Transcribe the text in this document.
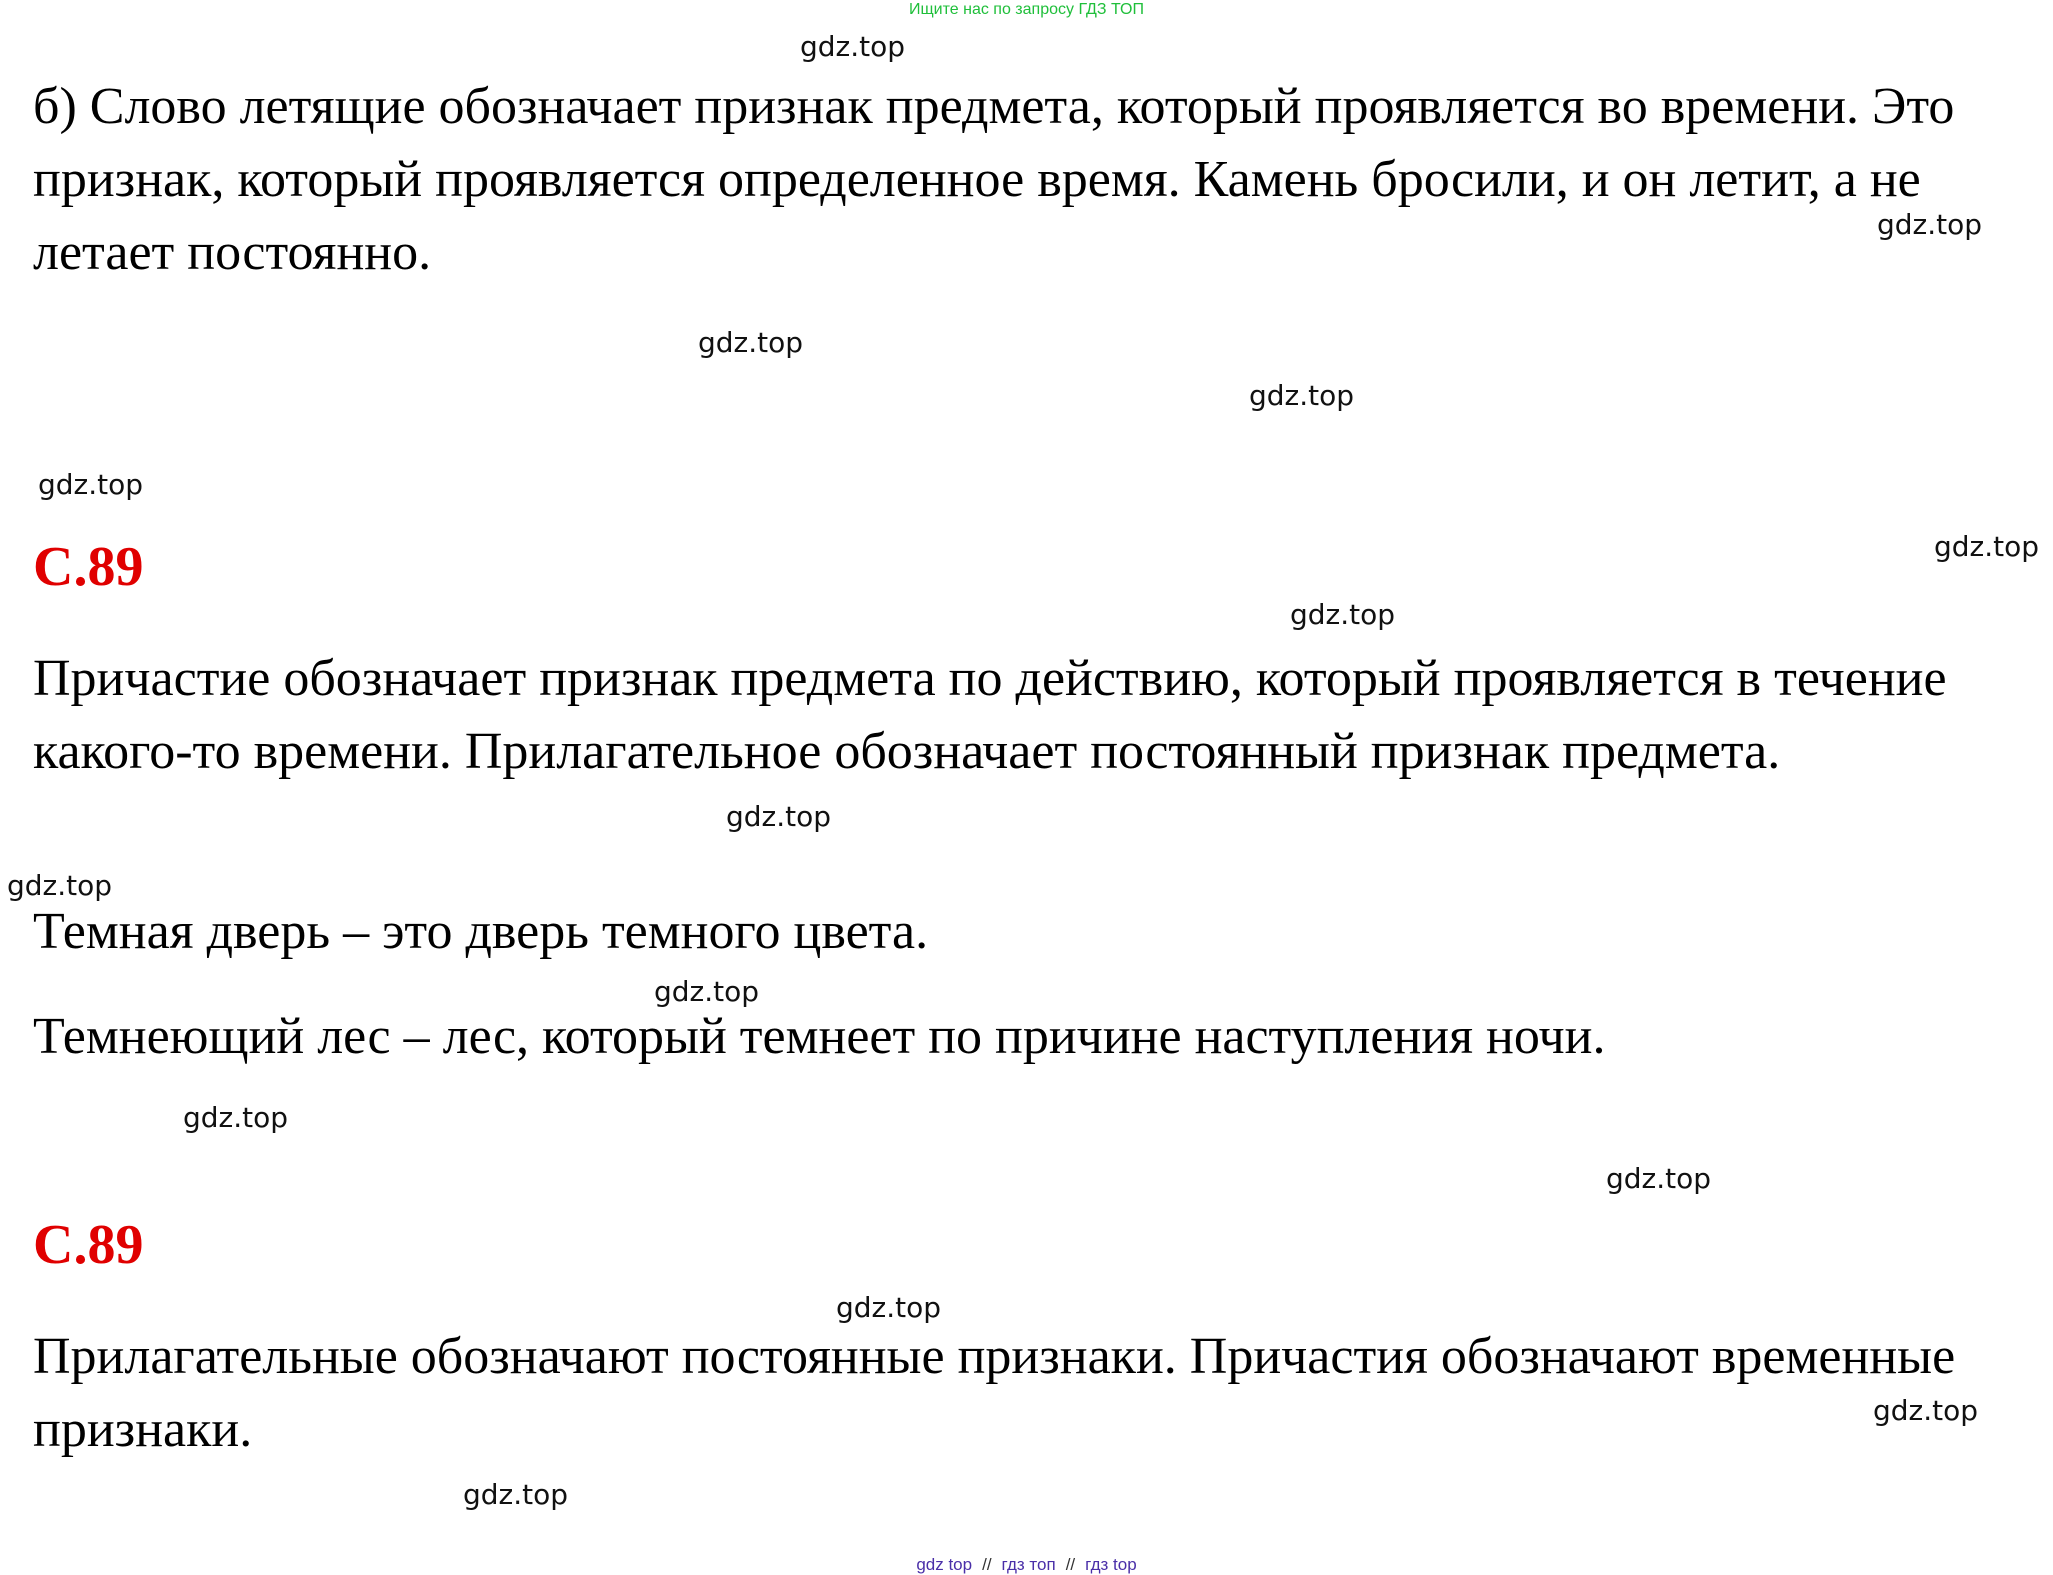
Ищите нас по запросу ГДЗ ТОП

б) Слово летящие обозначает признак предмета, который проявляется во времени. Это признак, который проявляется определенное время. Камень бросили, и он летит, а не летает постоянно.

С.89

Причастие обозначает признак предмета по действию, который проявляется в течение какого-то времени. Прилагательное обозначает постоянный признак предмета.

Темная дверь – это дверь темного цвета.

Темнеющий лес – лес, который темнеет по причине наступления ночи.

С.89

Прилагательные обозначают постоянные признаки. Причастия обозначают временные признаки.

gdz.top
gdz.top
gdz.top
gdz.top
gdz.top
gdz.top
gdz.top
gdz.top
gdz.top
gdz.top
gdz.top
gdz.top
gdz.top
gdz.top
gdz.top
gdz top // гдз топ // гдз top
